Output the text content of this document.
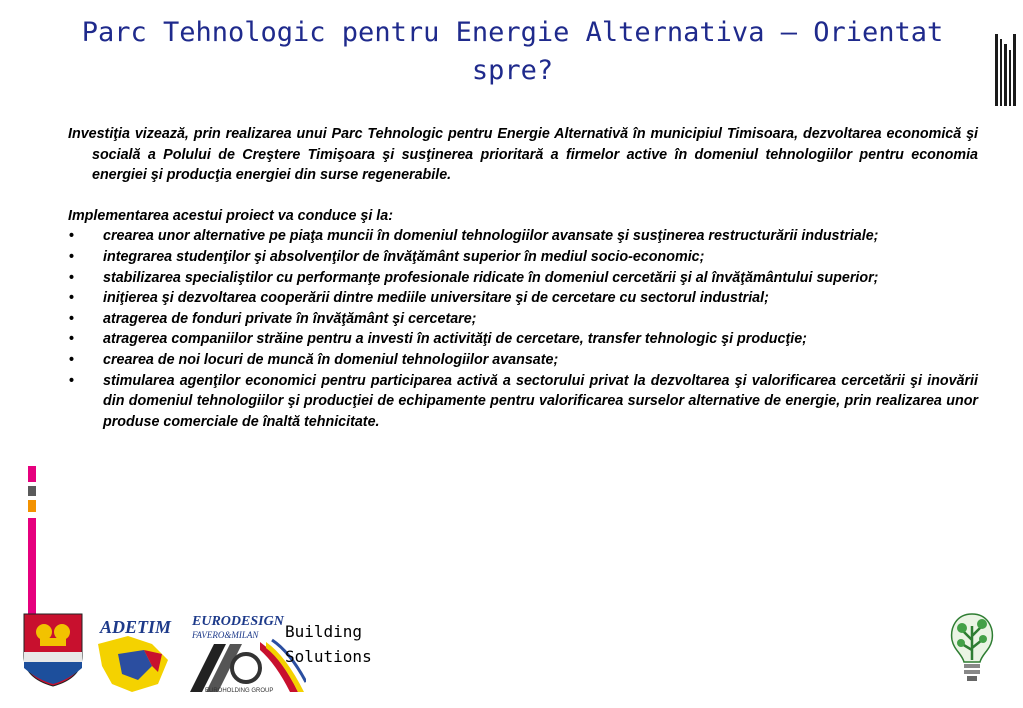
Parc Tehnologic pentru Energie Alternativa – Orientat spre?

Investiţia vizează, prin realizarea unui Parc Tehnologic pentru Energie Alternativă în municipiul Timisoara, dezvoltarea economică şi socială a Polului de Creştere Timişoara şi susţinerea prioritară a firmelor active în domeniul tehnologiilor pentru economia energiei şi producţia energiei din surse regenerabile.

Implementarea acestui proiect va conduce şi la:

• crearea unor alternative pe piaţa muncii în domeniul tehnologiilor avansate şi susţinerea restructurării industriale;
• integrarea studenţilor şi absolvenţilor de învăţământ superior în mediul socio-economic;
• stabilizarea specialiştilor cu performanţe profesionale ridicate în domeniul cercetării şi al învăţământului superior;
• iniţierea şi dezvoltarea cooperării dintre mediile universitare şi de cercetare cu sectorul industrial;
• atragerea de fonduri private în învăţământ şi cercetare;
• atragerea companiilor străine pentru a investi în activităţi de cercetare, transfer tehnologic şi producţie;
• crearea de noi locuri de muncă în domeniul tehnologiilor avansate;
• stimularea agenţilor economici pentru participarea activă a sectorului privat la dezvoltarea şi valorificarea cercetării şi inovării din domeniul tehnologiilor şi producţiei de echipamente pentru valorificarea surselor alternative de energie, prin realizarea unor produse comerciale de înaltă tehnicitate.
ADETIM EURODESIGN
FAVERO&MILAN
EUROHOLDING GROUP
Building
Solutions
